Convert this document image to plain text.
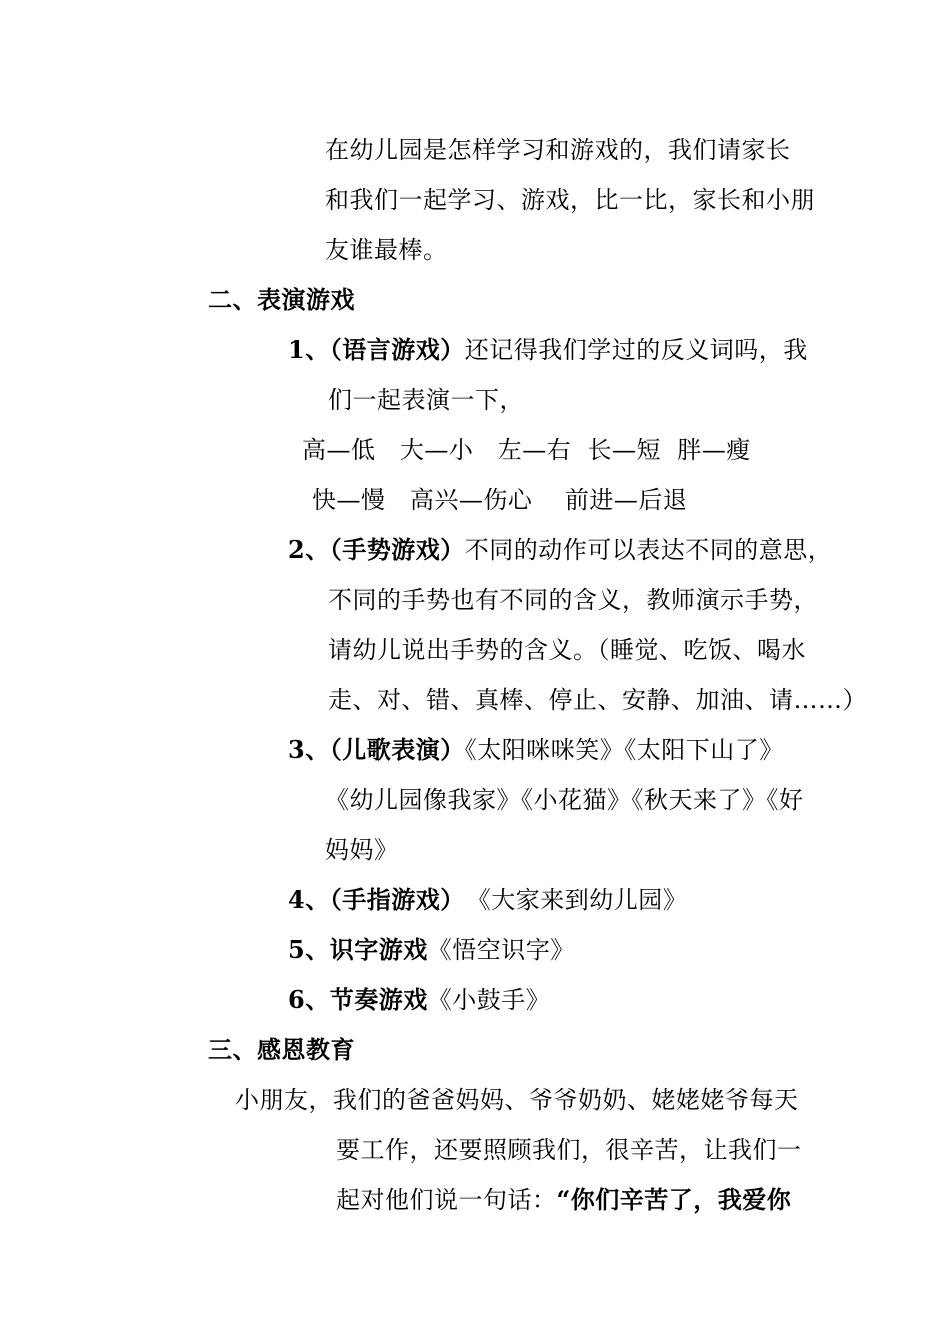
在幼儿园是怎样学习和游戏的，我们请家长
和我们一起学习、游戏，比一比，家长和小朋
友谁最棒。
二、表演游戏
1、（语言游戏）还记得我们学过的反义词吗，我
们一起表演一下，
高—低   大—小   左—右  长—短  胖—瘦
快—慢   高兴—伤心    前进—后退
2、（手势游戏）不同的动作可以表达不同的意思，
不同的手势也有不同的含义，教师演示手势，
请幼儿说出手势的含义。（睡觉、吃饭、喝水
走、对、错、真棒、停止、安静、加油、请……）
3、（儿歌表演）《太阳咪咪笑》《太阳下山了》
《幼儿园像我家》《小花猫》《秋天来了》《好
妈妈》
4、（手指游戏） 《大家来到幼儿园》
5、识字游戏《悟空识字》
6、节奏游戏《小鼓手》
三、感恩教育
小朋友，我们的爸爸妈妈、爷爷奶奶、姥姥姥爷每天
要工作，还要照顾我们，很辛苦，让我们一
起对他们说一句话：“你们辛苦了，我爱你
